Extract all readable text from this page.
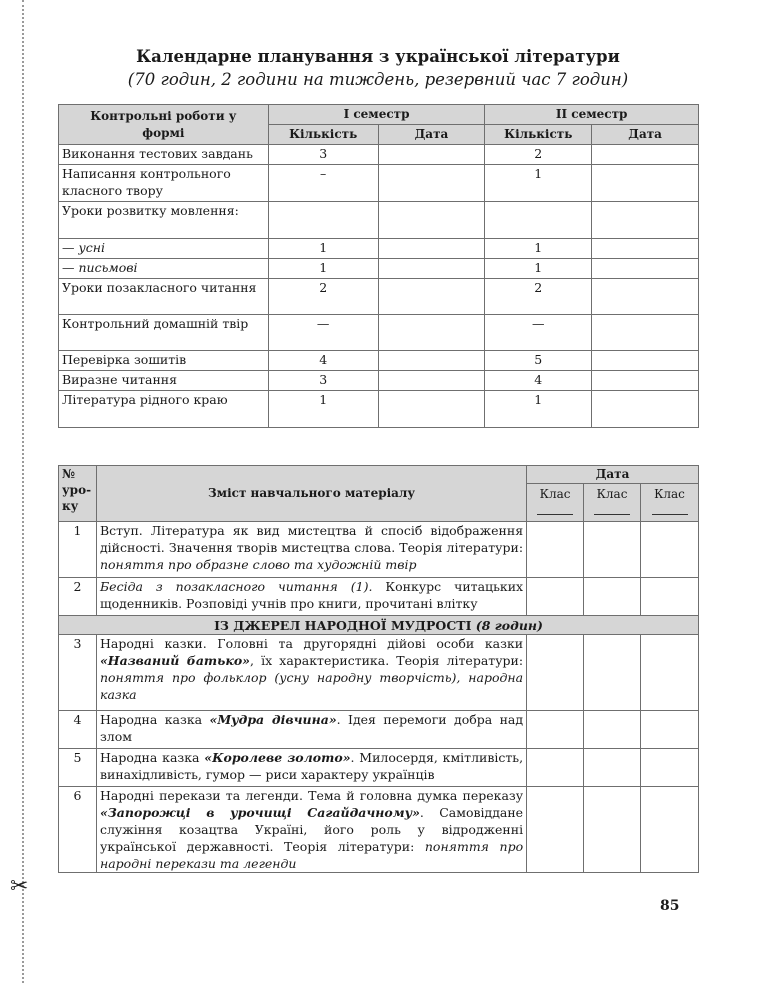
✂
Календарне планування з української літератури
(70 годин, 2 години на тиждень, резервний час 7 годин)
Контрольні роботи у формі	І семестр		ІІ семестр	
	Кількість	Дата	Кількість	Дата
Виконання тестових завдань	3		2	
Написання контрольного класного твору	–		1	
Уроки розвитку мовлення:				
— усні	1		1	
— письмові	1		1	
Уроки позакласного читання	2		2	
Контрольний домашній твір	—		—	
Перевірка зошитів	4		5	
Виразне читання	3		4	
Література рідного краю	1		1	
№ уро- ку	Зміст навчального матеріалу	Дата		
		Клас	Клас	Клас

1	Вступ. Література як вид мистецтва й спосіб відображення дійсності. Значення творів мистецтва слова. Теорія літератури: поняття про образне слово та художній твір			
2	Бесіда з позакласного читання (1). Конкурс читацьких щоденників. Розповіді учнів про книги, прочитані влітку			
ІЗ ДЖЕРЕЛ НАРОДНОЇ МУДРОСТІ (8 годин)				
3	Народні казки. Головні та другорядні дійові особи казки «Названий батько», їх характеристика. Теорія літератури: поняття про фольклор (усну народну творчість), народна казка			
4	Народна казка «Мудра дівчина». Ідея перемоги добра над злом			
5	Народна казка «Королеве золото». Милосердя, кмітливість, винахідливість, гумор — риси характеру українців			
6	Народні перекази та легенди. Тема й головна думка переказу «Запорожці в урочищі Сагайдачному». Самовіддане служіння козацтва Україні, його роль у відродженні української державності. Теорія літератури: поняття про народні перекази та легенди			
85
